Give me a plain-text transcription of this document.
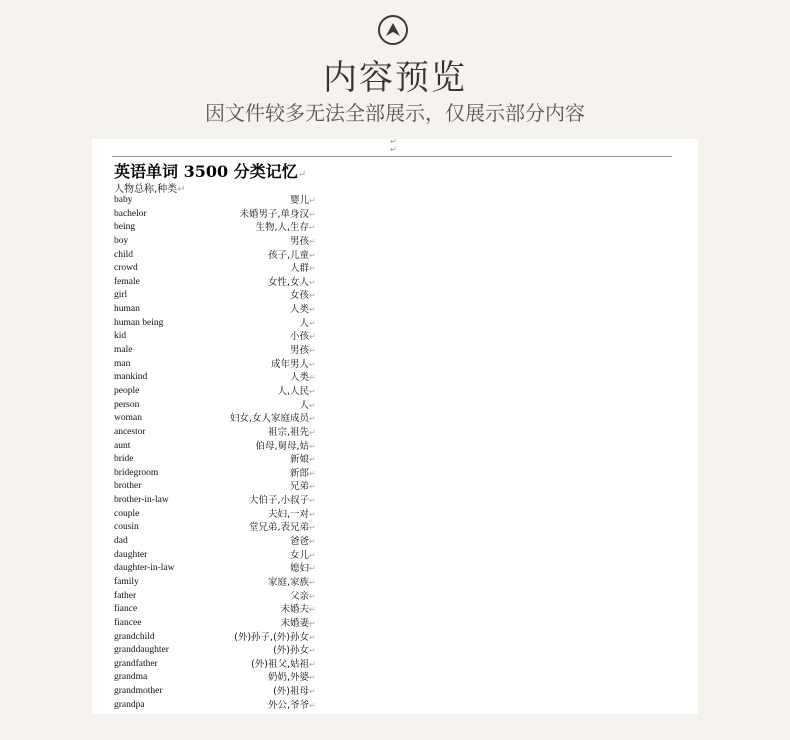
内容预览
因文件较多无法全部展示，仅展示部分内容
↵
↵
英语单词 3500 分类记忆↵
人物总称,种类↵
baby	婴儿 ↵
bachelor	未婚男子,单身汉 ↵
being	生物,人,生存 ↵
boy	男孩 ↵
child	孩子,儿童 ↵
crowd	人群 ↵
female	女性,女人 ↵
girl	女孩 ↵
human	人类 ↵
human being	人 ↵
kid	小孩 ↵
male	男孩 ↵
man	成年男人 ↵
mankind	人类 ↵
people	人,人民 ↵
person	人 ↵
woman	妇女,女人家庭成员 ↵
ancestor	祖宗,祖先 ↵
aunt	伯母,舅母,姑 ↵
bride	新娘 ↵
bridegroom	新郎 ↵
brother	兄弟 ↵
brother-in-law	大伯子,小叔子 ↵
couple	夫妇,一对 ↵
cousin	堂兄弟,表兄弟 ↵
dad	爸爸 ↵
daughter	女儿 ↵
daughter-in-law	媳妇 ↵
family	家庭,家族 ↵
father	父亲 ↵
fiance	未婚夫 ↵
fiancee	未婚妻 ↵
grandchild	(外)孙子,(外)孙女 ↵
granddaughter	(外)孙女 ↵
grandfather	(外)祖父,姑祖 ↵
grandma	奶奶,外婆 ↵
grandmother	(外)祖母 ↵
grandpa	外公,爷爷 ↵
